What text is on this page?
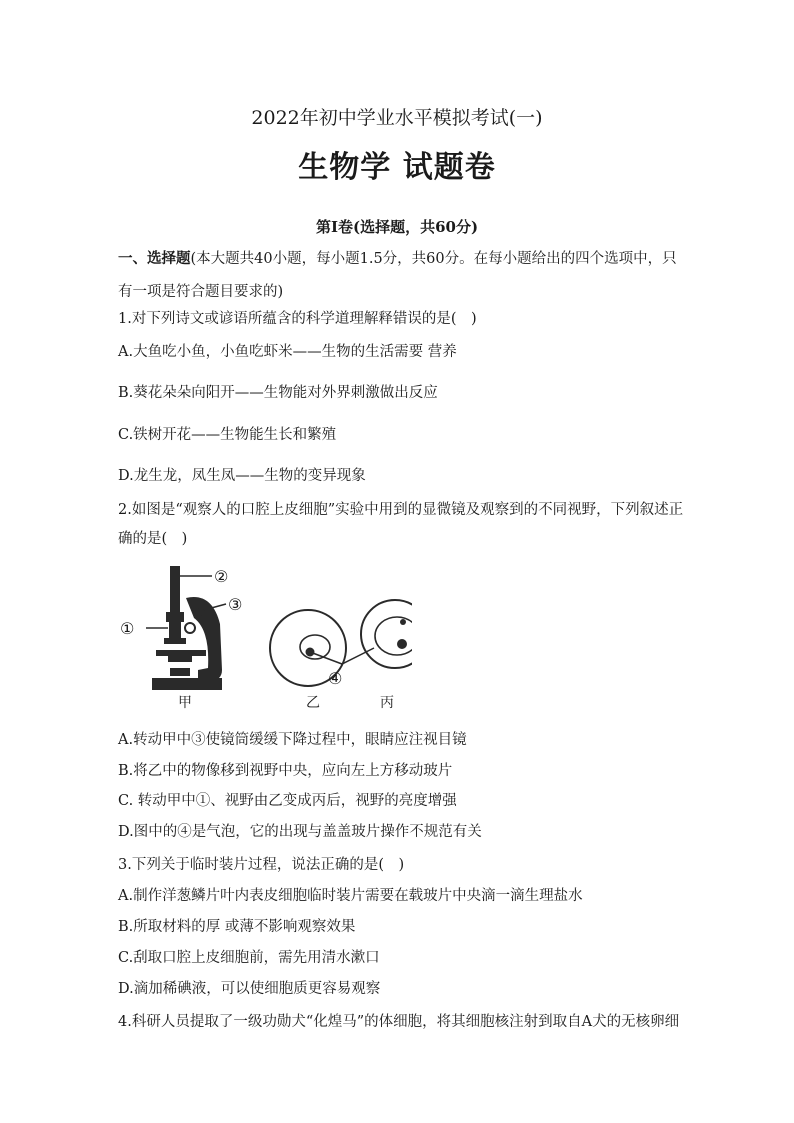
2022年初中学业水平模拟考试(一)
生物学 试题卷
第Ⅰ卷(选择题，共60分)
一、选择题(本大题共40小题，每小题1.5分，共60分。在每小题给出的四个选项中，只
有一项是符合题目要求的)
1.对下列诗文或谚语所蕴含的科学道理解释错误的是(　)
A.大鱼吃小鱼，小鱼吃虾米——生物的生活需要 营养
B.葵花朵朵向阳开——生物能对外界刺激做出反应
C.铁树开花——生物能生长和繁殖
D.龙生龙，凤生凤——生物的变异现象
2.如图是“观察人的口腔上皮细胞”实验中用到的显微镜及观察到的不同视野，下列叙述正
确的是(　)
①
②
③
④
甲	乙	丙
A.转动甲中③使镜筒缓缓下降过程中，眼睛应注视目镜
B.将乙中的物像移到视野中央，应向左上方移动玻片
C. 转动甲中①、视野由乙变成丙后，视野的亮度增强
D.图中的④是气泡，它的出现与盖盖玻片操作不规范有关
3.下列关于临时装片过程，说法正确的是(　)
A.制作洋葱鳞片叶内表皮细胞临时装片需要在载玻片中央滴一滴生理盐水
B.所取材料的厚 或薄不影响观察效果
C.刮取口腔上皮细胞前，需先用清水漱口
D.滴加稀碘液，可以使细胞质更容易观察
4.科研人员提取了一级功勋犬“化煌马”的体细胞，将其细胞核注射到取自A犬的无核卵细
